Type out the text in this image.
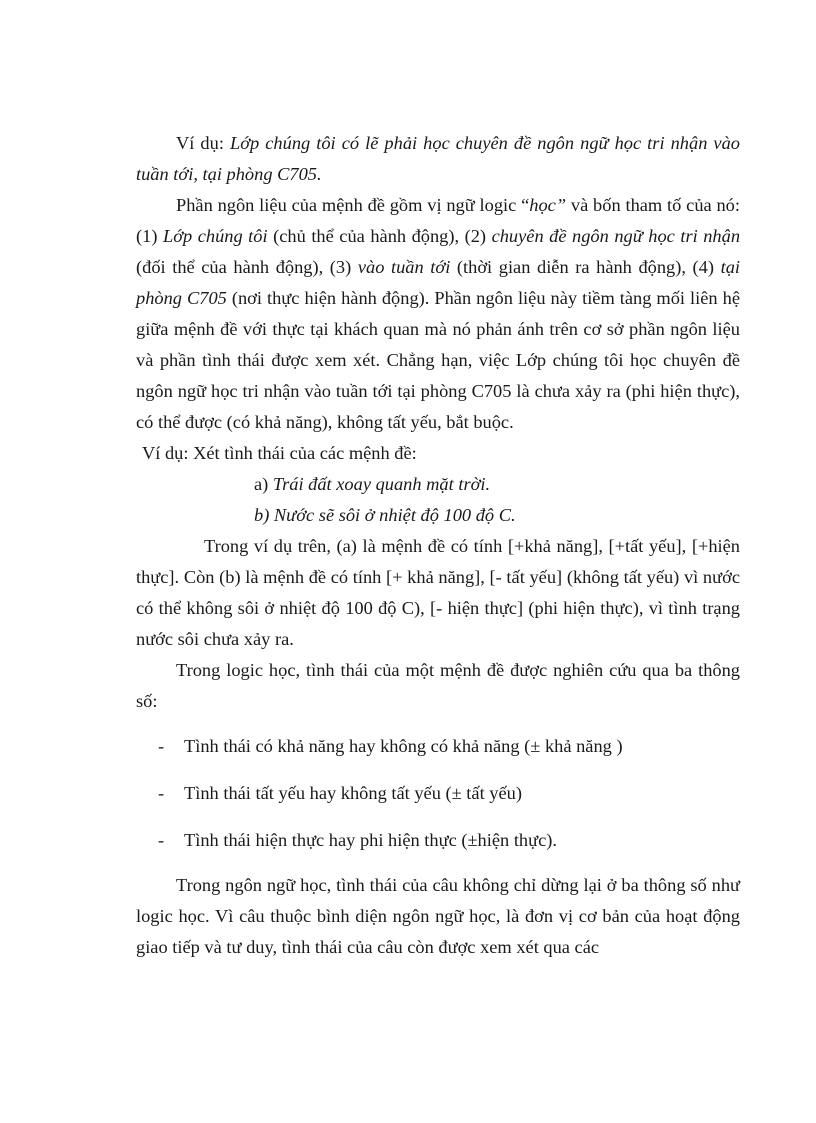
Ví dụ: Lớp chúng tôi có lẽ phải học chuyên đề ngôn ngữ học tri nhận vào tuần tới, tại phòng C705.

Phần ngôn liệu của mệnh đề gồm vị ngữ logic “học” và bốn tham tố của nó: (1) Lớp chúng tôi (chủ thể của hành động), (2) chuyên đề ngôn ngữ học tri nhận (đối thể của hành động), (3) vào tuần tới (thời gian diễn ra hành động), (4) tại phòng C705 (nơi thực hiện hành động). Phần ngôn liệu này tiềm tàng mối liên hệ giữa mệnh đề với thực tại khách quan mà nó phản ánh trên cơ sở phần ngôn liệu và phần tình thái được xem xét. Chẳng hạn, việc Lớp chúng tôi học chuyên đề ngôn ngữ học tri nhận vào tuần tới tại phòng C705 là chưa xảy ra (phi hiện thực), có thể được (có khả năng), không tất yếu, bắt buộc.

Ví dụ: Xét tình thái của các mệnh đề:

a) Trái đất xoay quanh mặt trời.

b) Nước sẽ sôi ở nhiệt độ 100 độ C.

Trong ví dụ trên, (a) là mệnh đề có tính [+khả năng], [+tất yếu], [+hiện thực]. Còn (b) là mệnh đề có tính [+ khả năng], [- tất yếu] (không tất yếu) vì nước có thể không sôi ở nhiệt độ 100 độ C), [- hiện thực] (phi hiện thực), vì tình trạng nước sôi chưa xảy ra.

Trong logic học, tình thái của một mệnh đề được nghiên cứu qua ba thông số:

-	Tình thái có khả năng hay không có khả năng (± khả năng )
-	Tình thái tất yếu hay không tất yếu (± tất yếu)
-	Tình thái hiện thực hay phi hiện thực (±hiện thực).

Trong ngôn ngữ học, tình thái của câu không chỉ dừng lại ở ba thông số như logic học. Vì câu thuộc bình diện ngôn ngữ học, là đơn vị cơ bản của hoạt động giao tiếp và tư duy, tình thái của câu còn được xem xét qua các
